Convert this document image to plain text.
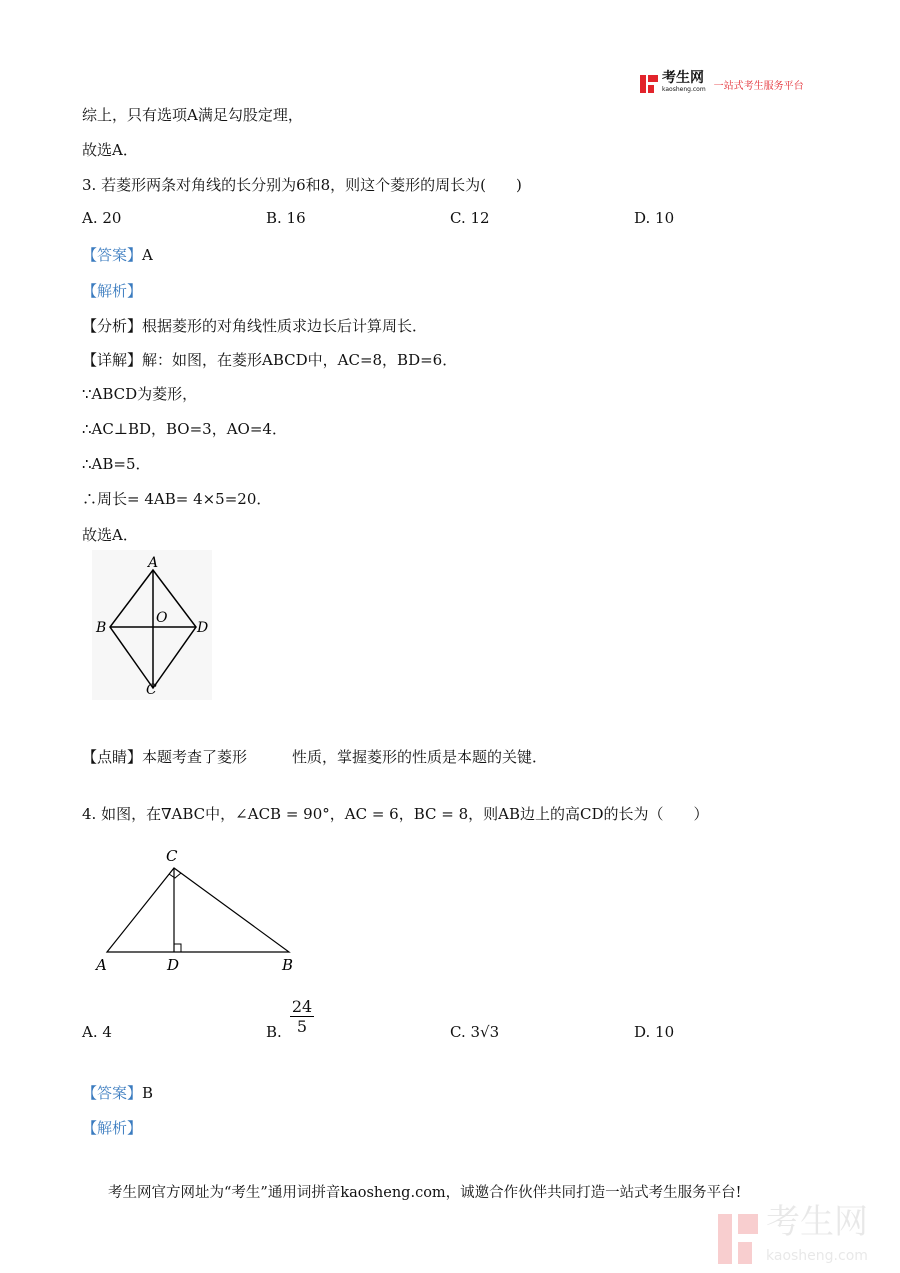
考生网
kaosheng.com 一站式考生服务平台
综上，只有选项A满足勾股定理，
故选A．
3. 若菱形两条对角线的长分别为6和8，则这个菱形的周长为(　　)
A. 20	B. 16	C. 12	D. 10
【答案】A
【解析】
【分析】根据菱形的对角线性质求边长后计算周长．
【详解】解：如图，在菱形ABCD中，AC=8，BD=6．
∵ABCD为菱形，
∴AC⊥BD，BO=3，AO=4．
∴AB=5．
∴周长= 4AB= 4×5=20．
故选A．
A
B	D
C
O
【点睛】本题考查了菱形　　　性质，掌握菱形的性质是本题的关键．
4. 如图，在∇ABC中，∠ACB = 90°，AC = 6，BC = 8，则AB边上的高CD的长为（　　）
C
A	D	B
A. 4	B.
24
5	C. 3√3	D. 10
【答案】B
【解析】
考生网官方网址为“考生”通用词拼音kaosheng.com，诚邀合作伙伴共同打造一站式考生服务平台!
考生网
kaosheng.com
